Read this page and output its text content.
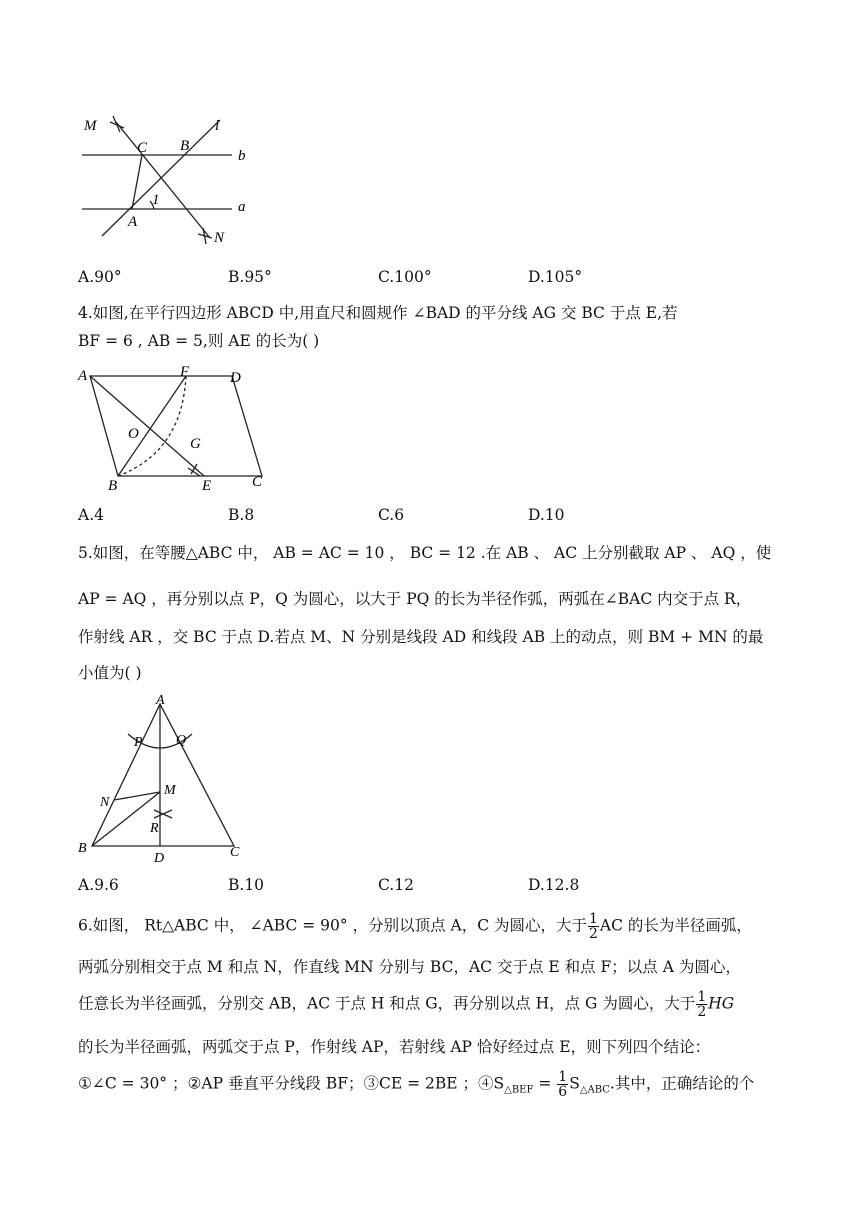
M
C B
l
b
1
A
a
N
A.90°	B.95°	C.100°	D.105°
4.如图,在平行四边形 ABCD 中,用直尺和圆规作 ∠BAD 的平分线 AG 交 BC 于点 E,若
BF = 6 , AB = 5,则 AE 的长为( )
A	F	D
O
G
B	E	C
A.4	B.8	C.6	D.10
5.如图，在等腰△ABC 中， AB = AC = 10 ， BC = 12 .在 AB 、 AC 上分别截取 AP 、 AQ ，使
AP = AQ ，再分别以点 P，Q 为圆心，以大于 PQ 的长为半径作弧，两弧在∠BAC 内交于点 R，
作射线 AR ，交 BC 于点 D.若点 M、N 分别是线段 AD 和线段 AB 上的动点，则 BM + MN 的最
小值为( )
A
P Q
M
N
R
B
D	C
A.9.6	B.10	C.12	D.12.8
6.如图， Rt△ABC 中， ∠ABC = 90° ，分别以顶点 A，C 为圆心，大于 $\frac{1}{2}$ AC 的长为半径画弧，
两弧分别相交于点 M 和点 N，作直线 MN 分别与 BC，AC 交于点 E 和点 F；以点 A 为圆心，
任意长为半径画弧，分别交 AB，AC 于点 H 和点 G，再分别以点 H，点 G 为圆心，大于 $\frac{1}{2}$ HG
的长为半径画弧，两弧交于点 P，作射线 AP，若射线 AP 恰好经过点 E，则下列四个结论：
①∠C = 30° ；②AP 垂直平分线段 BF；③CE = 2BE ；$④S_{\triangle BEF} = \frac{1}{6} S_{\triangle ABC}$.其中，正确结论的个
